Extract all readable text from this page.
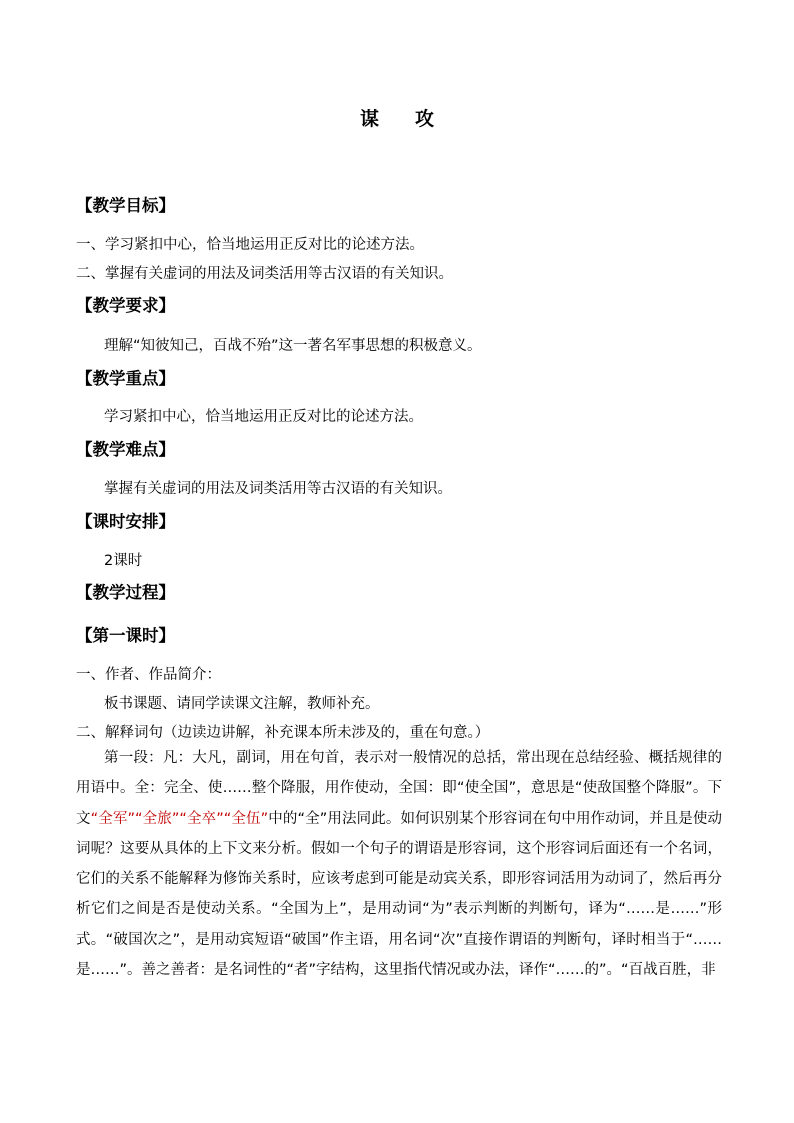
谋 攻
【教学目标】
一、学习紧扣中心，恰当地运用正反对比的论述方法。
二、掌握有关虚词的用法及词类活用等古汉语的有关知识。
【教学要求】
理解“知彼知己，百战不殆”这一著名军事思想的积极意义。
【教学重点】
学习紧扣中心，恰当地运用正反对比的论述方法。
【教学难点】
掌握有关虚词的用法及词类活用等古汉语的有关知识。
【课时安排】
2课时
【教学过程】
【第一课时】
一、作者、作品简介：
板书课题、请同学读课文注解，教师补充。
二、解释词句（边读边讲解，补充课本所未涉及的，重在句意。）
第一段：凡：大凡，副词，用在句首，表示对一般情况的总括，常出现在总结经验、概括规律的用语中。全：完全、使……整个降服，用作使动，全国：即“使全国”，意思是“使敌国整个降服”。下文“全军”“全旅”“全卒”“全伍”中的“全”用法同此。如何识别某个形容词在句中用作动词，并且是使动词呢？这要从具体的上下文来分析。假如一个句子的谓语是形容词，这个形容词后面还有一个名词，它们的关系不能解释为修饰关系时，应该考虑到可能是动宾关系，即形容词活用为动词了，然后再分析它们之间是否是使动关系。“全国为上”，是用动词“为”表示判断的判断句，译为“……是……”形式。“破国次之”，是用动宾短语“破国”作主语，用名词“次”直接作谓语的判断句，译时相当于“……是……”。善之善者：是名词性的“者”字结构，这里指代情况或办法，译作“……的”。“百战百胜，非
